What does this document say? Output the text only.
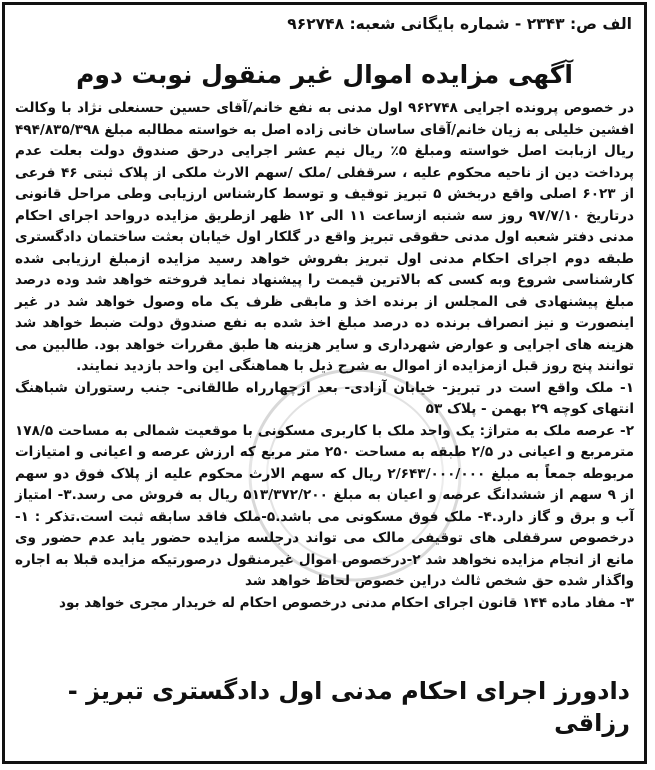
الف ص: ۲۳۴۳ - شماره بایگانی شعبه: ۹۶۲۷۴۸
آگهی مزایده اموال غیر منقول نوبت دوم

در خصوص پرونده اجرایی ۹۶۲۷۴۸ اول مدنی به نفع خانم/آقای حسین حسنعلی نژاد با وکالت افشین خلیلی به زیان خانم/آقای ساسان خانی زاده اصل به خواسته مطالبه مبلغ ۴۹۴/۸۳۵/۳۹۸ ریال ازبابت اصل خواسته ومبلغ ۵٪ ریال نیم عشر اجرایی درحق صندوق دولت بعلت عدم پرداخت دین از ناحیه محکوم علیه ، سرقفلی /ملک /سهم الارث ملکی از پلاک ثبتی ۴۶ فرعی از ۶۰۲۳ اصلی واقع دربخش ۵ تبریز توقیف و توسط کارشناس ارزیابی وطی مراحل قانونی درتاریخ ۹۷/۷/۱۰ روز سه شنبه ازساعت ۱۱ الی ۱۲ ظهر ازطریق مزایده درواحد اجرای احکام مدنی دفتر شعبه اول مدنی حقوقی تبریز واقع در گلکار اول خیابان بعثت ساختمان دادگستری طبقه دوم اجرای احکام مدنی اول تبریز بفروش خواهد رسید مزایده ازمبلغ ارزیابی شده کارشناسی شروع وبه کسی که بالاترین قیمت را پیشنهاد نماید فروخته خواهد شد وده درصد مبلغ پیشنهادی فی المجلس از برنده اخذ و مابقی ظرف یک ماه وصول خواهد شد در غیر اینصورت و نیز انصراف برنده ده درصد مبلغ اخذ شده به نفع صندوق دولت ضبط خواهد شد هزینه های اجرایی و عوارض شهرداری و سایر هزینه ها طبق مقررات خواهد بود. طالبین می توانند پنج روز قبل ازمزایده از اموال به شرح ذیل با هماهنگی این واحد بازدید نمایند.

۱- ملک واقع است در تبریز- خیابان آزادی- بعد ازچهارراه طالقانی- جنب رستوران شباهنگ انتهای کوچه ۲۹ بهمن - پلاک ۵۳

۲- عرصه ملک به متراژ: یک واحد ملک با کاربری مسکونی با موقعیت شمالی به مساحت ۱۷۸/۵ مترمربع و اعیانی در ۲/۵ طبقه به مساحت ۲۵۰ متر مربع که ارزش عرصه و اعیانی و امتیازات مربوطه جمعاً به مبلغ ۲/۶۴۳/۰۰۰/۰۰۰ ریال که سهم الارث محکوم علیه از پلاک فوق دو سهم از ۹ سهم از ششدانگ عرصه و اعیان به مبلغ ۵۱۳/۳۷۲/۲۰۰ ریال به فروش می رسد.۳- امتیاز آب و برق و گاز دارد.۴- ملک فوق مسکونی می باشد.۵-ملک فاقد سابقه ثبت است.تذکر : ۱-درخصوص سرقفلی های توقیفی مالک می تواند درجلسه مزایده حضور یابد عدم حضور وی مانع از انجام مزایده نخواهد شد ۲-درخصوص اموال غیرمنقول درصورتیکه مزایده قبلا به اجاره واگذار شده حق شخص ثالث دراین خصوص لحاظ خواهد شد

۳- مفاد ماده ۱۴۴ قانون اجرای احکام مدنی درخصوص احکام له خریدار مجری خواهد بود

دادورز اجرای احکام مدنی اول دادگستری تبریز - رزاقی
